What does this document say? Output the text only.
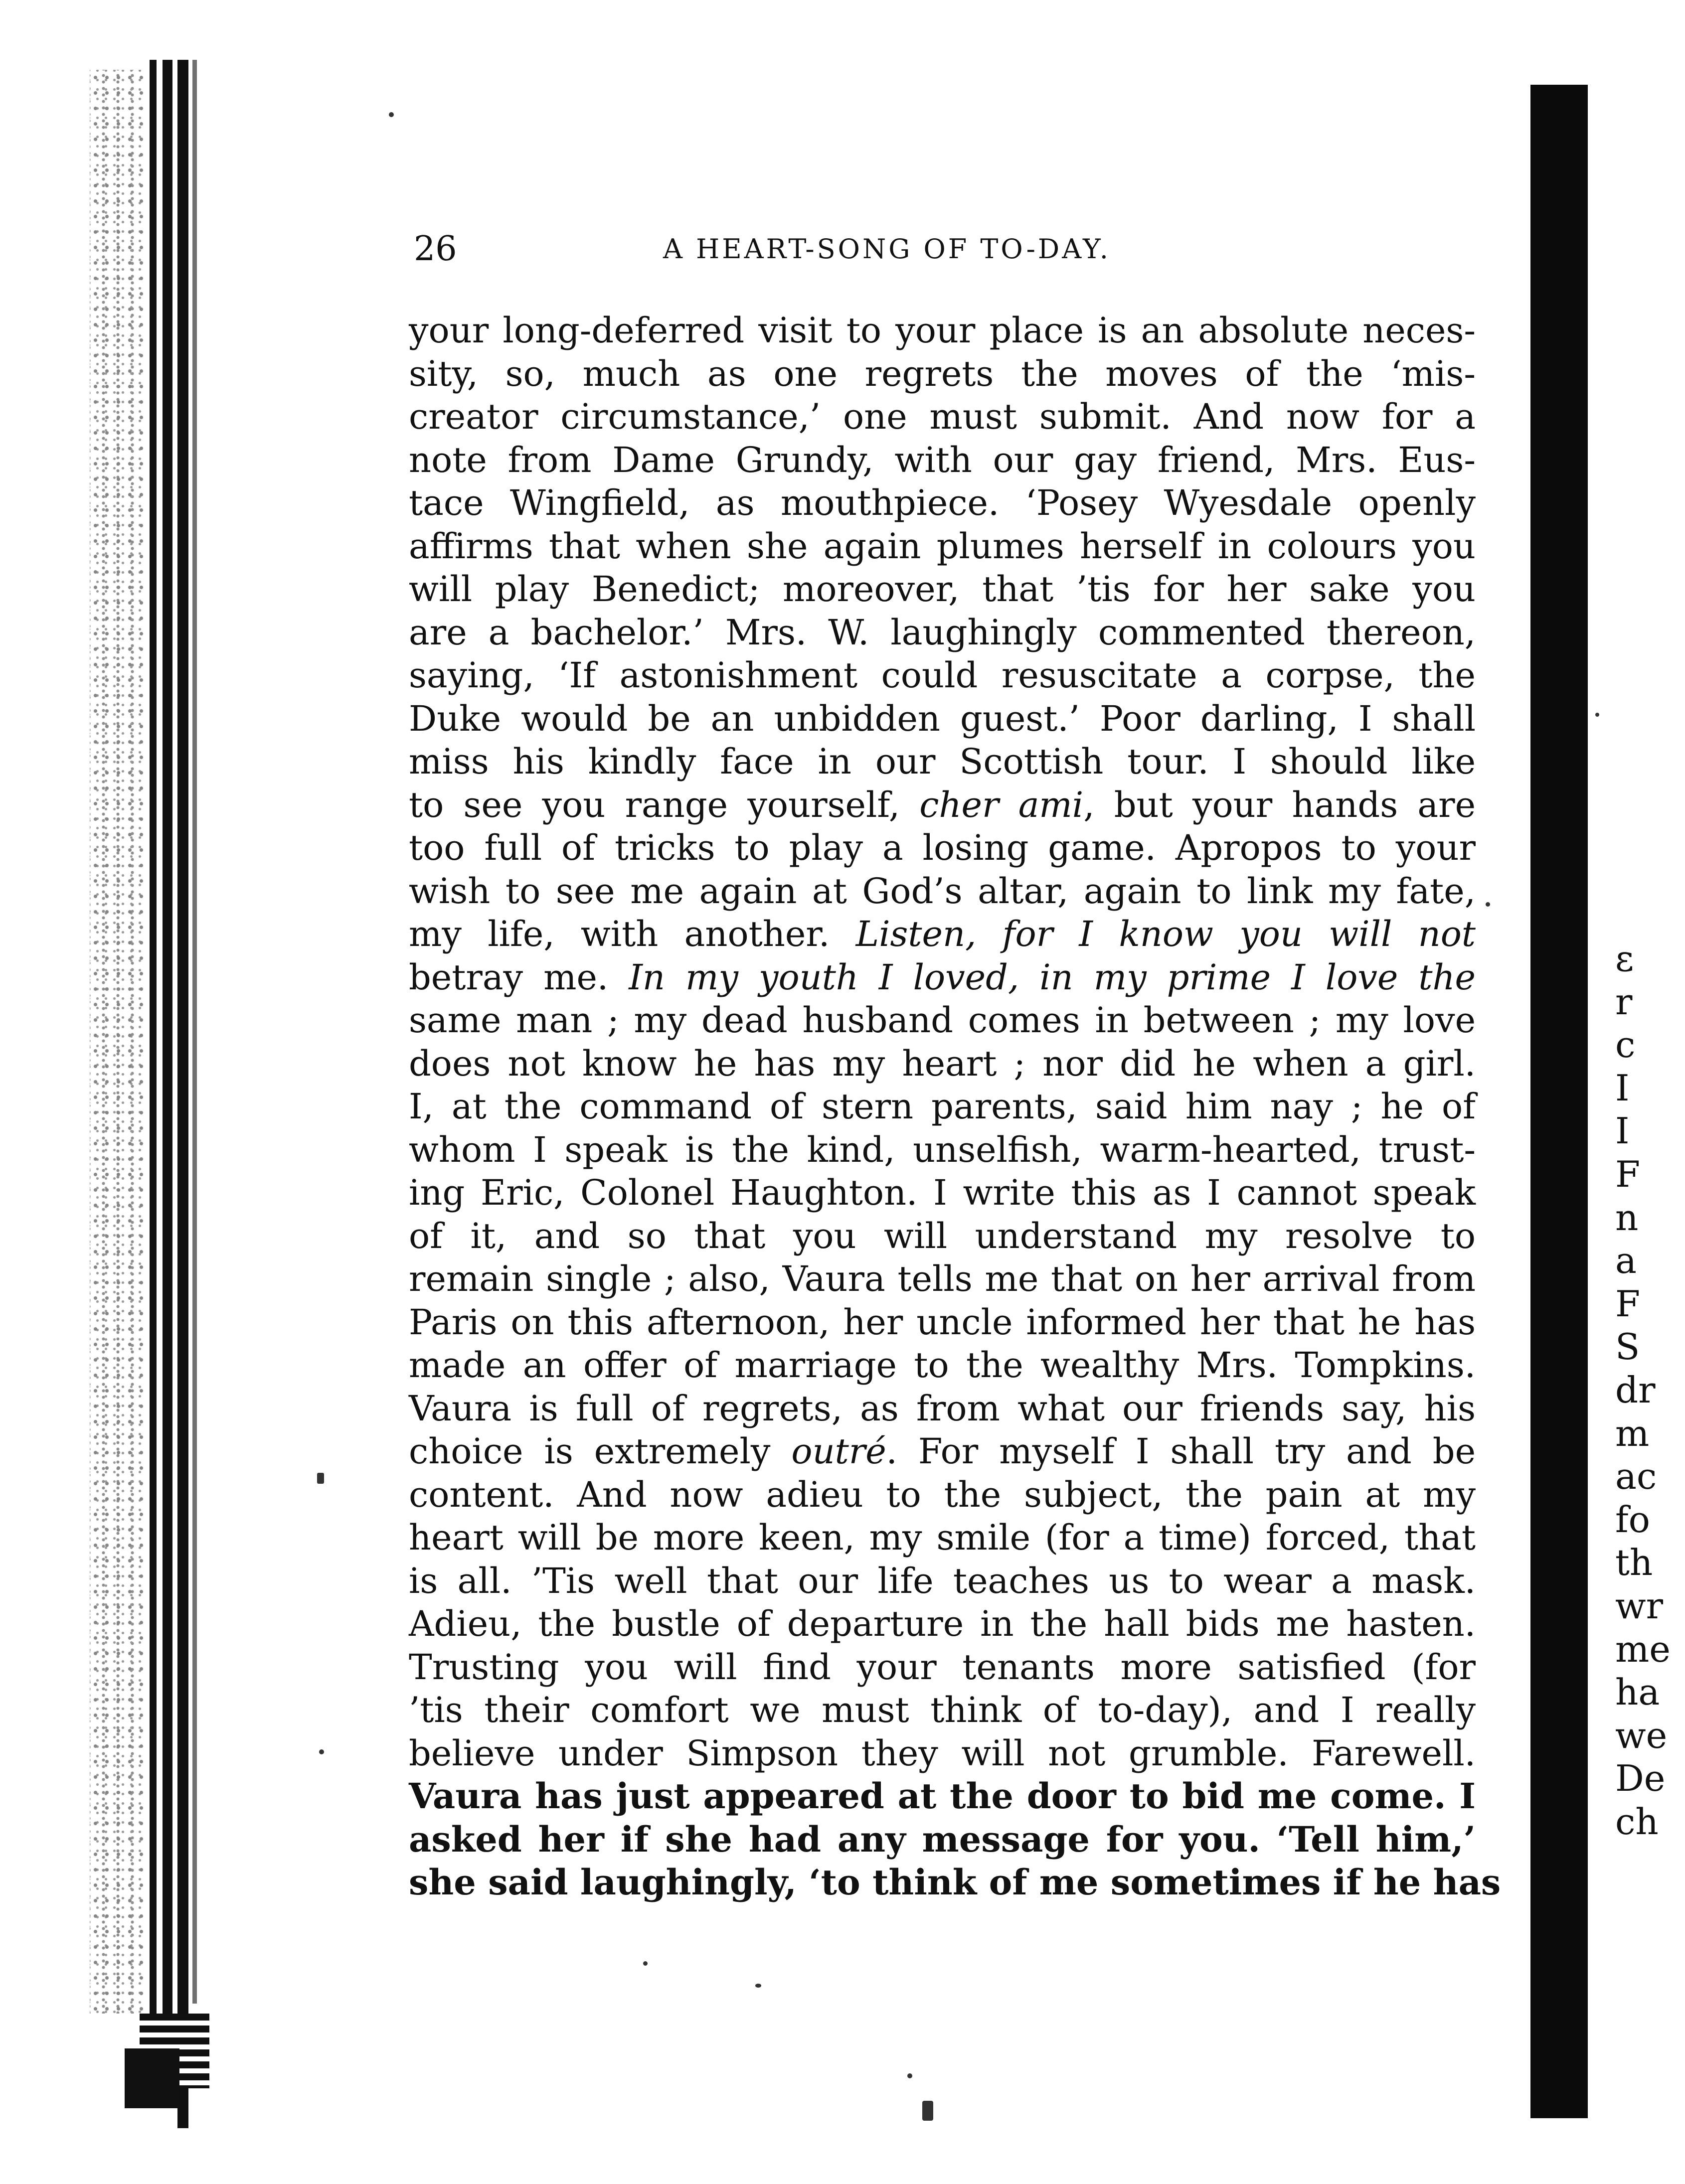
26	A HEART-SONG OF TO-DAY.
your long-deferred visit to your place is an absolute neces-
sity, so, much as one regrets the moves of the ‘mis-
creator circumstance,’ one must submit. And now for a
note from Dame Grundy, with our gay friend, Mrs. Eus-
tace Wingfield, as mouthpiece. ‘Posey Wyesdale openly
affirms that when she again plumes herself in colours you
will play Benedict; moreover, that ’tis for her sake you
are a bachelor.’ Mrs. W. laughingly commented thereon,
saying, ‘If astonishment could resuscitate a corpse, the
Duke would be an unbidden guest.’ Poor darling, I shall
miss his kindly face in our Scottish tour. I should like
to see you range yourself, cher ami, but your hands are
too full of tricks to play a losing game. Apropos to your
wish to see me again at God’s altar, again to link my fate,
my life, with another. Listen, for I know you will not
betray me. In my youth I loved, in my prime I love the
same man ; my dead husband comes in between ; my love
does not know he has my heart ; nor did he when a girl.
I, at the command of stern parents, said him nay ; he of
whom I speak is the kind, unselfish, warm-hearted, trust-
ing Eric, Colonel Haughton. I write this as I cannot speak
of it, and so that you will understand my resolve to
remain single ; also, Vaura tells me that on her arrival from
Paris on this afternoon, her uncle informed her that he has
made an offer of marriage to the wealthy Mrs. Tompkins.
Vaura is full of regrets, as from what our friends say, his
choice is extremely outré. For myself I shall try and be
content. And now adieu to the subject, the pain at my
heart will be more keen, my smile (for a time) forced, that
is all. ’Tis well that our life teaches us to wear a mask.
Adieu, the bustle of departure in the hall bids me hasten.
Trusting you will find your tenants more satisfied (for
’tis their comfort we must think of to-day), and I really
believe under Simpson they will not grumble. Farewell.
Vaura has just appeared at the door to bid me come. I
asked her if she had any message for you. ‘Tell him,’
she said laughingly, ‘to think of me sometimes if he has
ɛ
r
c
I
I
F
n
a
F
S
dr
m
ac
fo
th
wr
me
ha
we
De
ch
